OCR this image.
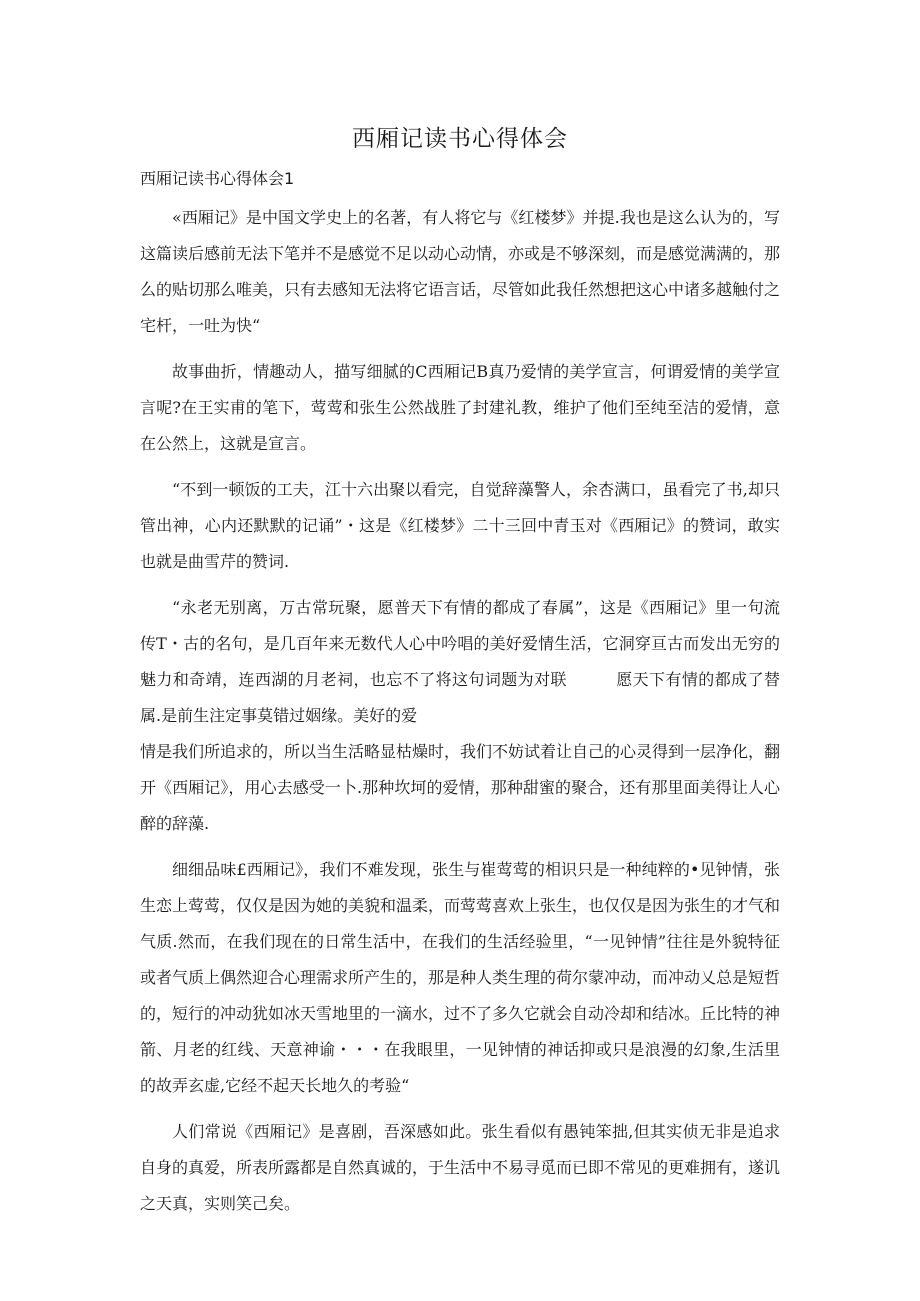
西厢记读书心得体会
西厢记读书心得体会1

«西厢记》是中国文学史上的名著，有人将它与《红楼梦》并提.我也是这么认为的，写这篇读后感前无法下笔并不是感觉不足以动心动情，亦或是不够深刻，而是感觉满满的，那么的贴切那么唯美，只有去感知无法将它语言话，尽管如此我任然想把这心中诸多越触付之宅杆，一吐为快“

故事曲折，情趣动人，描写细腻的C西厢记B真乃爱情的美学宣言，何谓爱情的美学宣言呢?在王实甫的笔下，莺莺和张生公然战胜了封建礼教，维护了他们至纯至洁的爱情，意在公然上，这就是宣言。

“不到一顿饭的工夫，江十六出聚以看完，自觉辞藻警人，余杏满口，虽看完了书,却只管出神，心内还默默的记诵”・这是《红楼梦》二十三回中青玉对《西厢记》的赞词，敢实也就是曲雪芹的赞词.

“永老无别离，万古常玩聚，愿普天下有情的都成了春属”，这是《西厢记》里一句流传T・古的名句，是几百年来无数代人心中吟唱的美好爱情生活，它洞穿亘古而发出无穷的魅力和奇靖，连西湖的月老祠，也忘不了将这句词题为对联　　　愿天下有情的都成了替属.是前生注定事莫错过姻缘。美好的爱

情是我们所追求的，所以当生活略显枯燥时，我们不妨试着让自己的心灵得到一层净化，翻开《西厢记》，用心去感受一卜.那种坎坷的爱情，那种甜蜜的聚合，还有那里面美得让人心醉的辞藻.

细细品味£西厢记》，我们不难发现，张生与崔莺莺的相识只是一种纯粹的•见钟情，张生恋上莺莺，仅仅是因为她的美貌和温柔，而莺莺喜欢上张生，也仅仅是因为张生的才气和气质.然而，在我们现在的日常生活中，在我们的生活经验里，“一见钟情”往往是外貌特征或者气质上偶然迎合心理需求所产生的，那是种人类生理的荷尔蒙冲动，而冲动乂总是短哲的，短行的冲动犹如冰天雪地里的一滴水，过不了多久它就会自动冷却和结冰。丘比特的神箭、月老的红线、天意神谕・・・在我眼里，一见钟情的神话抑或只是浪漫的幻象,生活里的故弄玄虚,它经不起天长地久的考验“

人们常说《西厢记》是喜剧，吾深感如此。张生看似有愚钝笨拙,但其实侦无非是追求自身的真爱，所表所露都是自然真诚的，于生活中不易寻觅而已即不常见的更难拥有，遂讥之天真，实则笑己矣。
